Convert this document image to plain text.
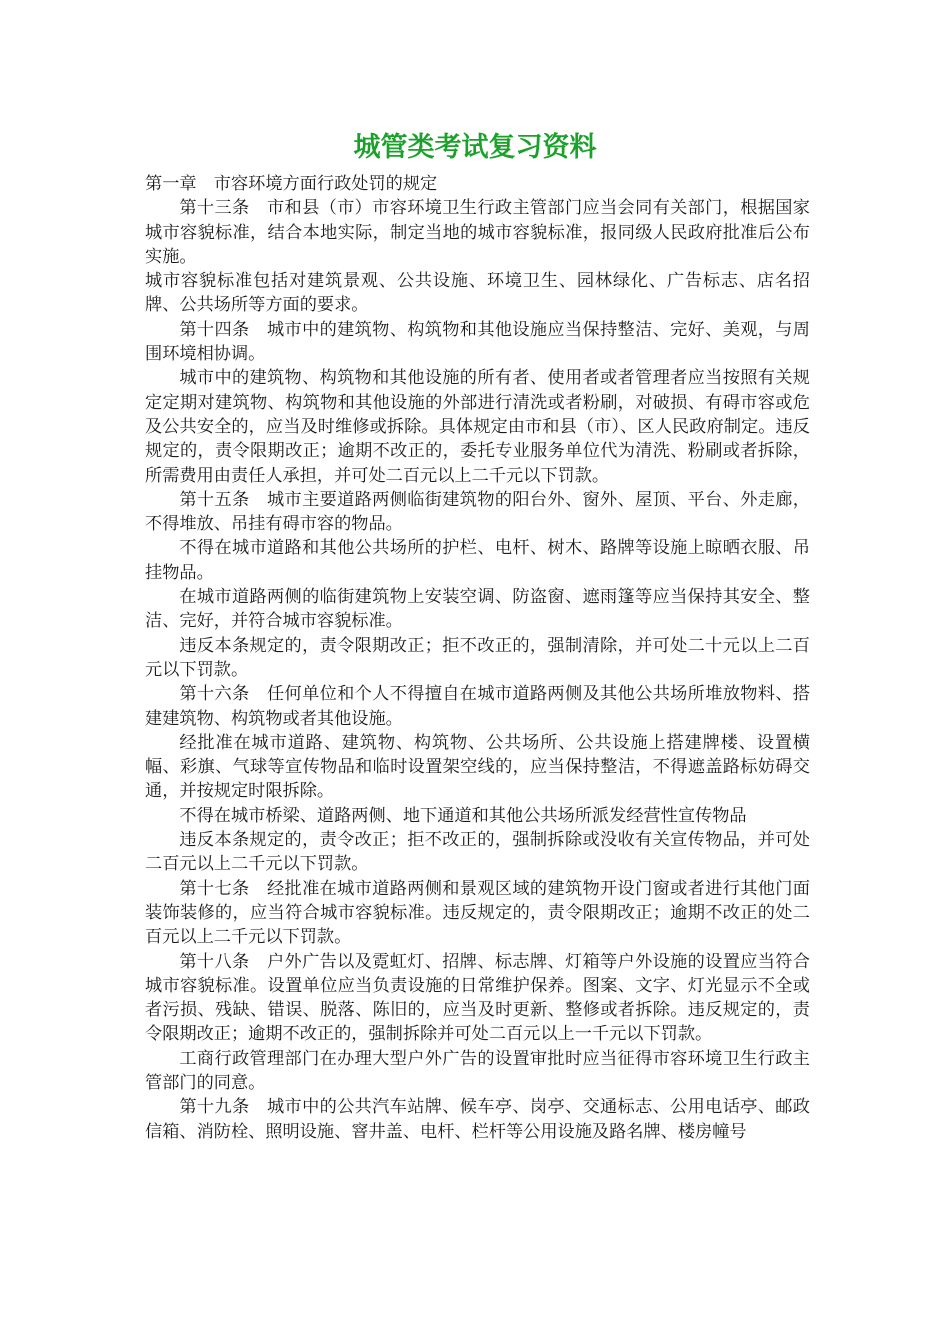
城管类考试复习资料

第一章　市容环境方面行政处罚的规定

第十三条　市和县（市）市容环境卫生行政主管部门应当会同有关部门，根据国家城市容貌标准，结合本地实际，制定当地的城市容貌标准，报同级人民政府批准后公布实施。

城市容貌标准包括对建筑景观、公共设施、环境卫生、园林绿化、广告标志、店名招牌、公共场所等方面的要求。

第十四条　城市中的建筑物、构筑物和其他设施应当保持整洁、完好、美观，与周围环境相协调。

城市中的建筑物、构筑物和其他设施的所有者、使用者或者管理者应当按照有关规定定期对建筑物、构筑物和其他设施的外部进行清洗或者粉刷，对破损、有碍市容或危及公共安全的，应当及时维修或拆除。具体规定由市和县（市）、区人民政府制定。违反规定的，责令限期改正；逾期不改正的，委托专业服务单位代为清洗、粉刷或者拆除，所需费用由责任人承担，并可处二百元以上二千元以下罚款。

第十五条　城市主要道路两侧临街建筑物的阳台外、窗外、屋顶、平台、外走廊，不得堆放、吊挂有碍市容的物品。

不得在城市道路和其他公共场所的护栏、电杆、树木、路牌等设施上晾晒衣服、吊挂物品。

在城市道路两侧的临街建筑物上安装空调、防盗窗、遮雨篷等应当保持其安全、整洁、完好，并符合城市容貌标准。

违反本条规定的，责令限期改正；拒不改正的，强制清除，并可处二十元以上二百元以下罚款。

第十六条　任何单位和个人不得擅自在城市道路两侧及其他公共场所堆放物料、搭建建筑物、构筑物或者其他设施。

经批准在城市道路、建筑物、构筑物、公共场所、公共设施上搭建牌楼、设置横幅、彩旗、气球等宣传物品和临时设置架空线的，应当保持整洁，不得遮盖路标妨碍交通，并按规定时限拆除。

不得在城市桥梁、道路两侧、地下通道和其他公共场所派发经营性宣传物品

违反本条规定的，责令改正；拒不改正的，强制拆除或没收有关宣传物品，并可处二百元以上二千元以下罚款。

第十七条　经批准在城市道路两侧和景观区域的建筑物开设门窗或者进行其他门面装饰装修的，应当符合城市容貌标准。违反规定的，责令限期改正；逾期不改正的处二百元以上二千元以下罚款。

第十八条　户外广告以及霓虹灯、招牌、标志牌、灯箱等户外设施的设置应当符合城市容貌标准。设置单位应当负责设施的日常维护保养。图案、文字、灯光显示不全或者污损、残缺、错误、脱落、陈旧的，应当及时更新、整修或者拆除。违反规定的，责令限期改正；逾期不改正的，强制拆除并可处二百元以上一千元以下罚款。

工商行政管理部门在办理大型户外广告的设置审批时应当征得市容环境卫生行政主管部门的同意。

第十九条　城市中的公共汽车站牌、候车亭、岗亭、交通标志、公用电话亭、邮政信箱、消防栓、照明设施、窨井盖、电杆、栏杆等公用设施及路名牌、楼房幢号
